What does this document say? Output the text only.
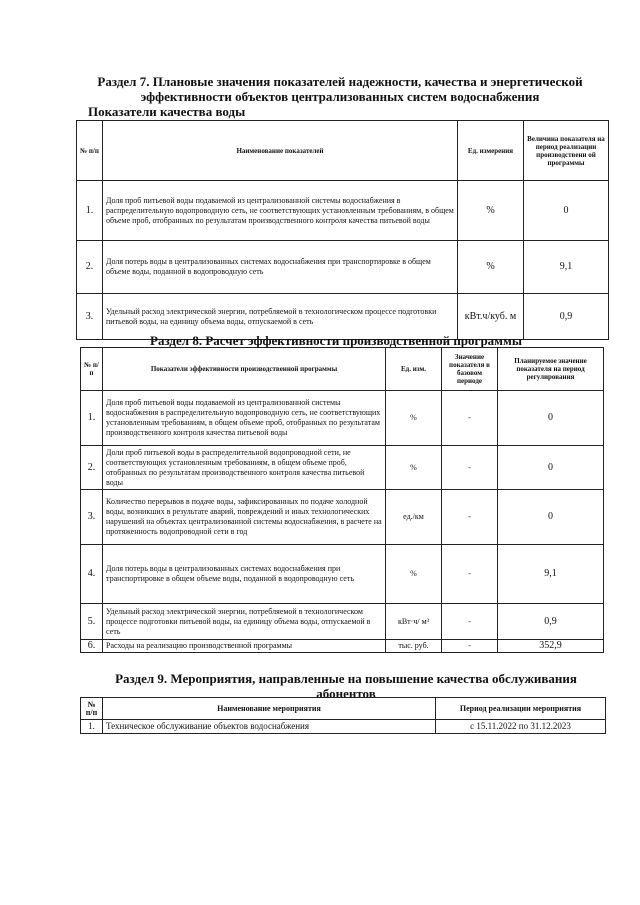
Раздел 7. Плановые значения показателей надежности, качества и энергетической эффективности объектов централизованных систем водоснабжения
Показатели качества воды
№ п/п	Наименование показателей	Ед. измерения	Величина показателя на период реализации производственн ой программы
1.	Доля проб питьевой воды подаваемой из централизованной системы водоснабжения в распределительную водопроводную сеть, не соответствующих установленным требованиям, в общем объеме проб, отобранных по результатам производственного контроля качества питьевой воды	%	0
2.	Доля потерь воды в централизованных системах водоснабжения при транспортировке в общем объеме воды, поданной в водопроводную сеть	%	9,1
3.	Удельный расход электрической энергии, потребляемой в технологическом процессе подготовки питьевой воды, на единицу объема воды, отпускаемой в сеть	кВт.ч/куб. м	0,9
Раздел 8. Расчет эффективности производственной программы
№ п/п	Показатели эффективности производственной программы	Ед. изм.	Значение показателя в базовом периоде	Планируемое значение показателя на период регулирования
1.	Доля проб питьевой воды подаваемой из централизованной системы водоснабжения в распределительную водопроводную сеть, не соответствующих установленным требованиям, в общем объеме проб, отобранных по результатам производственного контроля качества питьевой воды	%	-	0
2.	Доли проб питьевой воды в распределительной водопроводной сети, не соответствующих установленным требованиям, в общем объеме проб, отобранных по результатам производственного контроля качества питьевой воды	%	-	0
3.	Количество перерывов в подаче воды, зафиксированных по подаче холодной воды, возникших в результате аварий, повреждений и иных технологических нарушений на объектах централизованной системы водоснабжения, в расчете на протяженность водопроводной сети в год	ед./км	-	0
4.	Доля потерь воды в централизованных системах водоснабжения при транспортировке в общем объеме воды, поданной в водопроводную сеть	%	-	9,1
5.	Удельный расход электрической энергии, потребляемой в технологическом процессе подготовки питьевой воды, на единицу объема воды, отпускаемой в сеть	кВт·ч/ м³	-	0,9
6.	Расходы на реализацию производственной программы	тыс. руб.	-	352,9
Раздел 9. Мероприятия, направленные на повышение качества обслуживания абонентов
№ п/п	Наименование мероприятия	Период реализации мероприятия
1.	Техническое обслуживание объектов водоснабжения	с 15.11.2022 по 31.12.2023
